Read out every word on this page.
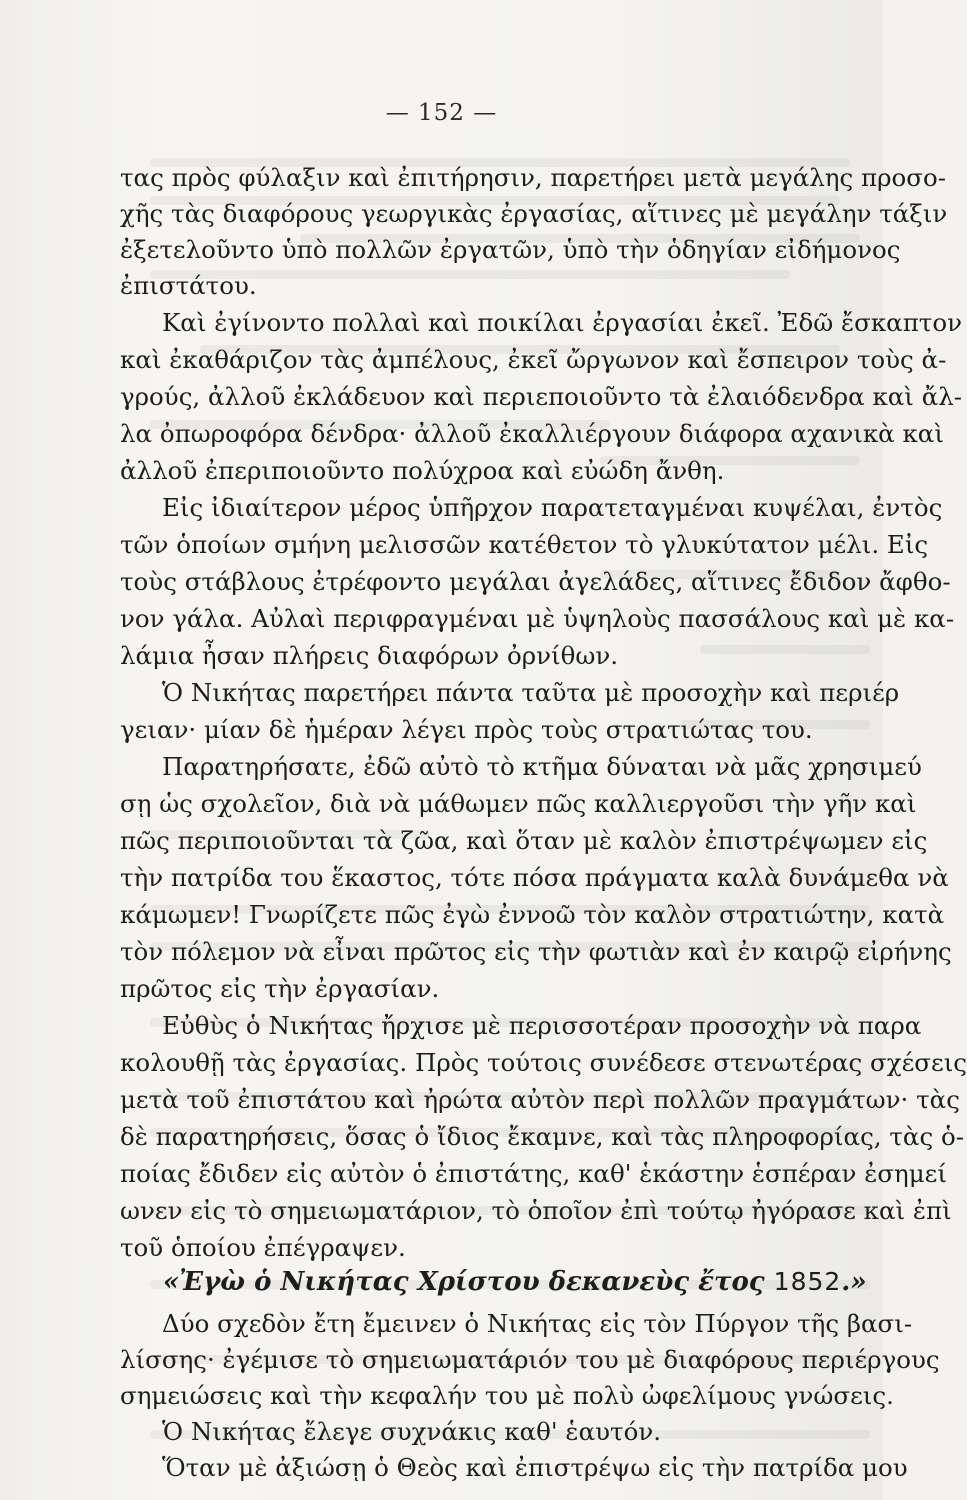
— 152 —
τας πρὸς φύλαξιν καὶ ἐπιτήρησιν, παρετήρει μετὰ μεγάλης προσο-
χῆς τὰς διαφόρους γεωργικὰς ἐργασίας, αἵτινες μὲ μεγάλην τάξιν
ἐξετελοῦντο ὑπὸ πολλῶν ἐργατῶν, ὑπὸ τὴν ὁδηγίαν εἰδήμονος
ἐπιστάτου.
Καὶ ἐγίνοντο πολλαὶ καὶ ποικίλαι ἐργασίαι ἐκεῖ. Ἐδῶ ἔσκαπτον
καὶ ἐκαθάριζον τὰς ἀμπέλους, ἐκεῖ ὤργωνον καὶ ἔσπειρον τοὺς ἀ-
γρούς, ἀλλοῦ ἐκλάδευον καὶ περιεποιοῦντο τὰ ἐλαιόδενδρα καὶ ἄλ-
λα ὀπωροφόρα δένδρα· ἀλλοῦ ἐκαλλιέργουν διάφορα αχανικὰ καὶ
ἀλλοῦ ἐπεριποιοῦντο πολύχροα καὶ εὐώδη ἄνθη.
Εἰς ἰδιαίτερον μέρος ὑπῆρχον παρατεταγμέναι κυψέλαι, ἐντὸς
τῶν ὁποίων σμήνη μελισσῶν κατέθετον τὸ γλυκύτατον μέλι. Εἰς
τοὺς στάβλους ἐτρέφοντο μεγάλαι ἀγελάδες, αἵτινες ἔδιδον ἄφθο-
νον γάλα. Αὐλαὶ περιφραγμέναι μὲ ὑψηλοὺς πασσάλους καὶ μὲ κα-
λάμια ἦσαν πλήρεις διαφόρων ὀρνίθων.
Ὁ Νικήτας παρετήρει πάντα ταῦτα μὲ προσοχὴν καὶ περιέρ
γειαν· μίαν δὲ ἡμέραν λέγει πρὸς τοὺς στρατιώτας του.
Παρατηρήσατε, ἐδῶ αὐτὸ τὸ κτῆμα δύναται νὰ μᾶς χρησιμεύ
σῃ ὡς σχολεῖον, διὰ νὰ μάθωμεν πῶς καλλιεργοῦσι τὴν γῆν καὶ
πῶς περιποιοῦνται τὰ ζῶα, καὶ ὅταν μὲ καλὸν ἐπιστρέψωμεν εἰς
τὴν πατρίδα του ἕκαστος, τότε πόσα πράγματα καλὰ δυνάμεθα νὰ
κάμωμεν! Γνωρίζετε πῶς ἐγὼ ἐννοῶ τὸν καλὸν στρατιώτην, κατὰ
τὸν πόλεμον νὰ εἶναι πρῶτος εἰς τὴν φωτιὰν καὶ ἐν καιρῷ εἰρήνης
πρῶτος εἰς τὴν ἐργασίαν.
Εὐθὺς ὁ Νικήτας ἤρχισε μὲ περισσοτέραν προσοχὴν νὰ παρα
κολουθῇ τὰς ἐργασίας. Πρὸς τούτοις συνέδεσε στενωτέρας σχέσεις
μετὰ τοῦ ἐπιστάτου καὶ ἠρώτα αὐτὸν περὶ πολλῶν πραγμάτων· τὰς
δὲ παρατηρήσεις, ὅσας ὁ ἴδιος ἔκαμνε, καὶ τὰς πληροφορίας, τὰς ὁ-
ποίας ἔδιδεν εἰς αὐτὸν ὁ ἐπιστάτης, καθ' ἑκάστην ἑσπέραν ἐσημεί
ωνεν εἰς τὸ σημειωματάριον, τὸ ὁποῖον ἐπὶ τούτῳ ἠγόρασε καὶ ἐπὶ
τοῦ ὁποίου ἐπέγραψεν.
«Ἐγὼ ὁ Νικήτας Χρίστου δεκανεὺς ἔτος 1852.»
Δύο σχεδὸν ἔτη ἔμεινεν ὁ Νικήτας εἰς τὸν Πύργον τῆς βασι-
λίσσης· ἐγέμισε τὸ σημειωματάριόν του μὲ διαφόρους περιέργους
σημειώσεις καὶ τὴν κεφαλήν του μὲ πολὺ ὠφελίμους γνώσεις.
Ὁ Νικήτας ἔλεγε συχνάκις καθ' ἑαυτόν.
Ὅταν μὲ ἀξιώσῃ ὁ Θεὸς καὶ ἐπιστρέψω εἰς τὴν πατρίδα μου
